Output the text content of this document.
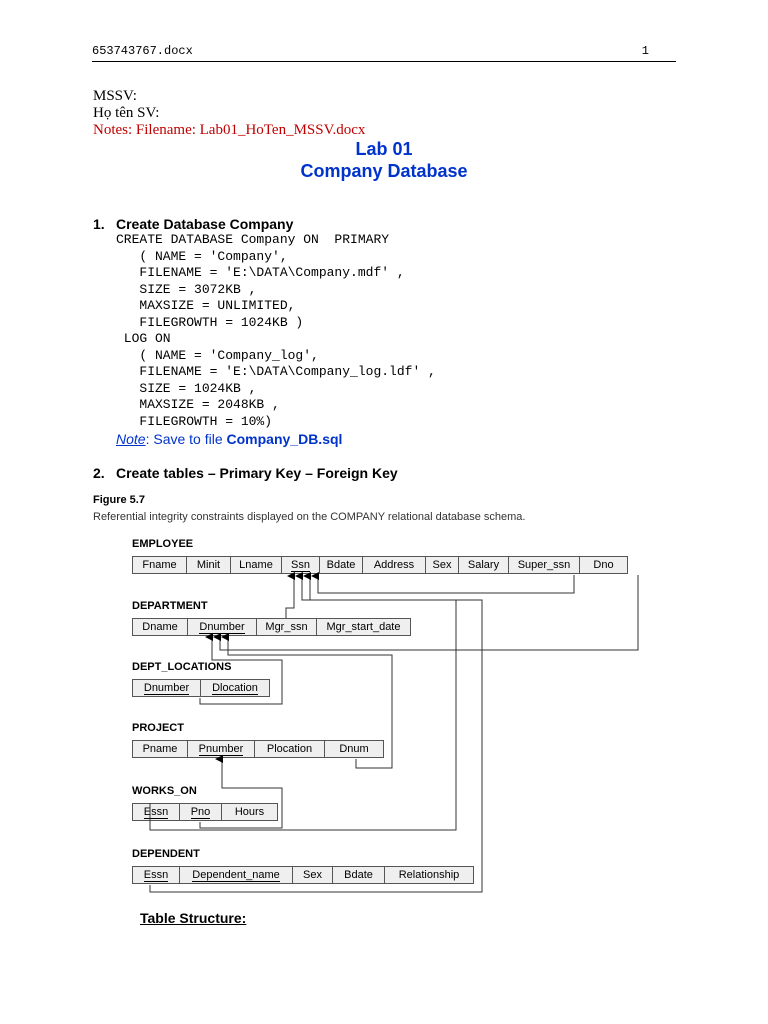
653743767.docx	1
MSSV:
Họ tên SV:
Notes: Filename: Lab01_HoTen_MSSV.docx
Lab 01
Company Database
1. Create Database Company
CREATE DATABASE Company ON  PRIMARY
( NAME = 'Company',
FILENAME = 'E:\DATA\Company.mdf' ,
SIZE = 3072KB ,
MAXSIZE = UNLIMITED,
FILEGROWTH = 1024KB )
LOG ON
( NAME = 'Company_log',
FILENAME = 'E:\DATA\Company_log.ldf' ,
SIZE = 1024KB ,
MAXSIZE = 2048KB ,
FILEGROWTH = 10%)
Note: Save to file Company_DB.sql
2. Create tables – Primary Key – Foreign Key
Figure 5.7
Referential integrity constraints displayed on the COMPANY relational database schema.
EMPLOYEE
Fname	Minit	Lname	Ssn	Bdate	Address	Sex	Salary	Super_ssn	Dno
DEPARTMENT
Dname	Dnumber	Mgr_ssn	Mgr_start_date
DEPT_LOCATIONS
Dnumber	Dlocation
PROJECT
Pname	Pnumber	Plocation	Dnum
WORKS_ON
Essn	Pno	Hours
DEPENDENT
Essn	Dependent_name	Sex	Bdate	Relationship
Table Structure:
